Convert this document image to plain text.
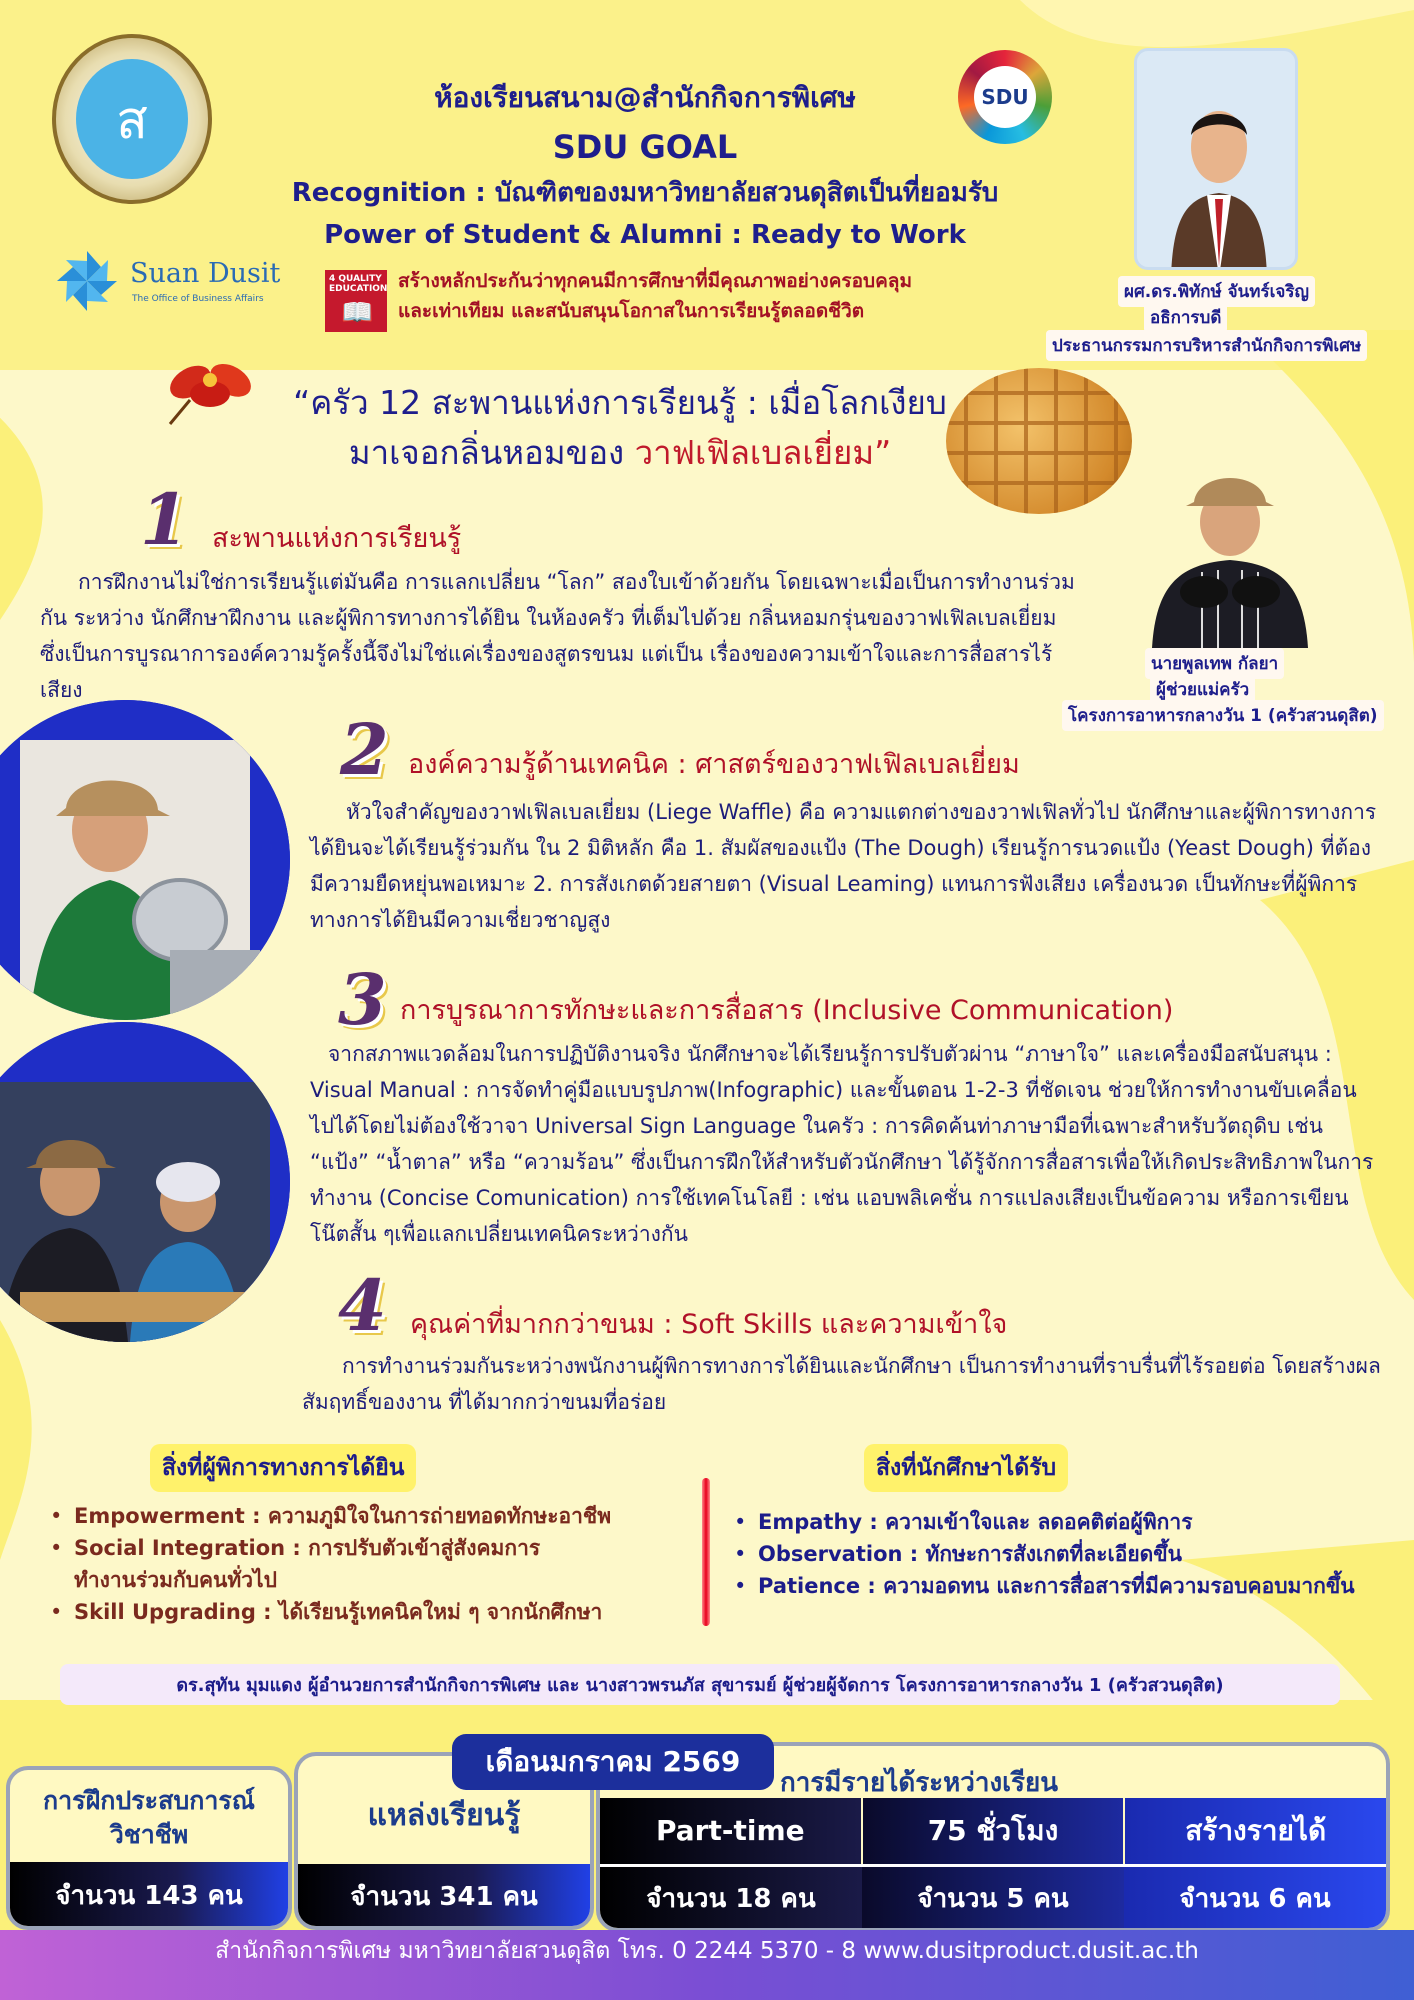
ส
Suan Dusit
The Office of Business Affairs
ห้องเรียนสนาม@สำนักกิจการพิเศษ
SDU GOAL
Recognition : บัณฑิตของมหาวิทยาลัยสวนดุสิตเป็นที่ยอมรับ
Power of Student & Alumni : Ready to Work
SDU
4 QUALITY EDUCATION
📖
สร้างหลักประกันว่าทุกคนมีการศึกษาที่มีคุณภาพอย่างครอบคลุม
และเท่าเทียม และสนับสนุนโอกาสในการเรียนรู้ตลอดชีวิต
ผศ.ดร.พิทักษ์ จันทร์เจริญ
อธิการบดี
ประธานกรรมการบริหารสำนักกิจการพิเศษ
“ครัว 12 สะพานแห่งการเรียนรู้ : เมื่อโลกเงียบ
มาเจอกลิ่นหอมของ วาฟเฟิลเบลเยี่ยม”
1 สะพานแห่งการเรียนรู้
การฝึกงานไม่ใช่การเรียนรู้แต่มันคือ การแลกเปลี่ยน “โลก” สองใบเข้าด้วยกัน โดยเฉพาะเมื่อเป็นการทำงานร่วมกัน ระหว่าง นักศึกษาฝึกงาน และผู้พิการทางการได้ยิน ในห้องครัว ที่เต็มไปด้วย กลิ่นหอมกรุ่นของวาฟเฟิลเบลเยี่ยม ซึ่งเป็นการบูรณาการองค์ความรู้ครั้งนี้จึงไม่ใช่แค่เรื่องของสูตรขนม แต่เป็น เรื่องของความเข้าใจและการสื่อสารไร้เสียง
นายพูลเทพ กัลยา
ผู้ช่วยแม่ครัว
โครงการอาหารกลางวัน 1 (ครัวสวนดุสิต)
2 องค์ความรู้ด้านเทคนิค : ศาสตร์ของวาฟเฟิลเบลเยี่ยม
หัวใจสำคัญของวาฟเฟิลเบลเยี่ยม (Liege Waffle) คือ ความแตกต่างของวาฟเฟิลทั่วไป นักศึกษาและผู้พิการทางการได้ยินจะได้เรียนรู้ร่วมกัน ใน 2 มิติหลัก คือ 1. สัมผัสของแป้ง (The Dough) เรียนรู้การนวดแป้ง (Yeast Dough) ที่ต้องมีความยืดหยุ่นพอเหมาะ 2. การสังเกตด้วยสายตา (Visual Leaming) แทนการฟังเสียง เครื่องนวด เป็นทักษะที่ผู้พิการทางการได้ยินมีความเชี่ยวชาญสูง
3 การบูรณาการทักษะและการสื่อสาร (Inclusive Communication)
จากสภาพแวดล้อมในการปฏิบัติงานจริง นักศึกษาจะได้เรียนรู้การปรับตัวผ่าน “ภาษาใจ” และเครื่องมือสนับสนุน : Visual Manual : การจัดทำคู่มือแบบรูปภาพ(Infographic) และขั้นตอน 1-2-3 ที่ชัดเจน ช่วยให้การทำงานขับเคลื่อนไปได้โดยไม่ต้องใช้วาจา Universal Sign Language ในครัว : การคิดค้นท่าภาษามือที่เฉพาะสำหรับวัตถุดิบ เช่น “แป้ง” “น้ำตาล” หรือ “ความร้อน” ซึ่งเป็นการฝึกให้สำหรับตัวนักศึกษา ได้รู้จักการสื่อสารเพื่อให้เกิดประสิทธิภาพในการทำงาน (Concise Comunication) การใช้เทคโนโลยี : เช่น แอบพลิเคชั่น การแปลงเสียงเป็นข้อความ หรือการเขียนโน๊ตสั้น ๆเพื่อแลกเปลี่ยนเทคนิคระหว่างกัน
4 คุณค่าที่มากกว่าขนม : Soft Skills และความเข้าใจ
การทำงานร่วมกันระหว่างพนักงานผู้พิการทางการได้ยินและนักศึกษา เป็นการทำงานที่ราบรื่นที่ไร้รอยต่อ โดยสร้างผลสัมฤทธิ์ของงาน ที่ได้มากกว่าขนมที่อร่อย
สิ่งที่ผู้พิการทางการได้ยิน	สิ่งที่นักศึกษาได้รับ
• Empowerment : ความภูมิใจในการถ่ายทอดทักษะอาชีพ
• Social Integration : การปรับตัวเข้าสู่สังคมการทำงานร่วมกับคนทั่วไป
• Skill Upgrading : ได้เรียนรู้เทคนิคใหม่ ๆ จากนักศึกษา
• Empathy : ความเข้าใจและ ลดอคติต่อผู้พิการ
• Observation : ทักษะการสังเกตที่ละเอียดขึ้น
• Patience : ความอดทน และการสื่อสารที่มีความรอบคอบมากขึ้น
ดร.สุทัน มุมแดง ผู้อำนวยการสำนักกิจการพิเศษ และ นางสาวพรนภัส สุขารมย์ ผู้ช่วยผู้จัดการ โครงการอาหารกลางวัน 1 (ครัวสวนดุสิต)
เดือนมกราคม 2569
การฝึกประสบการณ์วิชาชีพ
จำนวน 143 คน
แหล่งเรียนรู้
จำนวน 341 คน
การมีรายได้ระหว่างเรียน
Part-time	75 ชั่วโมง	สร้างรายได้
จำนวน 18 คน	จำนวน 5 คน	จำนวน 6 คน
สำนักกิจการพิเศษ มหาวิทยาลัยสวนดุสิต โทร. 0 2244 5370 - 8 www.dusitproduct.dusit.ac.th
